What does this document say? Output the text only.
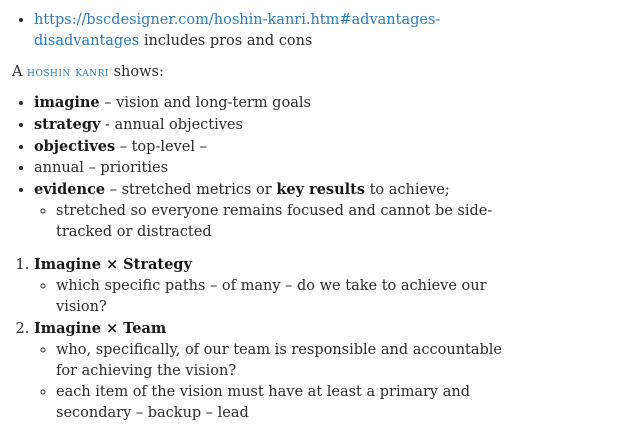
• https://bscdesigner.com/hoshin-kanri.htm#advantages-disadvantages includes pros and cons

A hoshin kanri shows:

• imagine – vision and long-term goals
• strategy - annual objectives
• objectives – top-level –
• annual – priorities
• evidence – stretched metrics or key results to achieve;
◦ stretched so everyone remains focused and cannot be side-tracked or distracted
1. Imagine × Strategy
◦ which specific paths – of many – do we take to achieve our vision?
2. Imagine × Team
◦ who, specifically, of our team is responsible and accountable for achieving the vision?
◦ each item of the vision must have at least a primary and secondary – backup – lead
